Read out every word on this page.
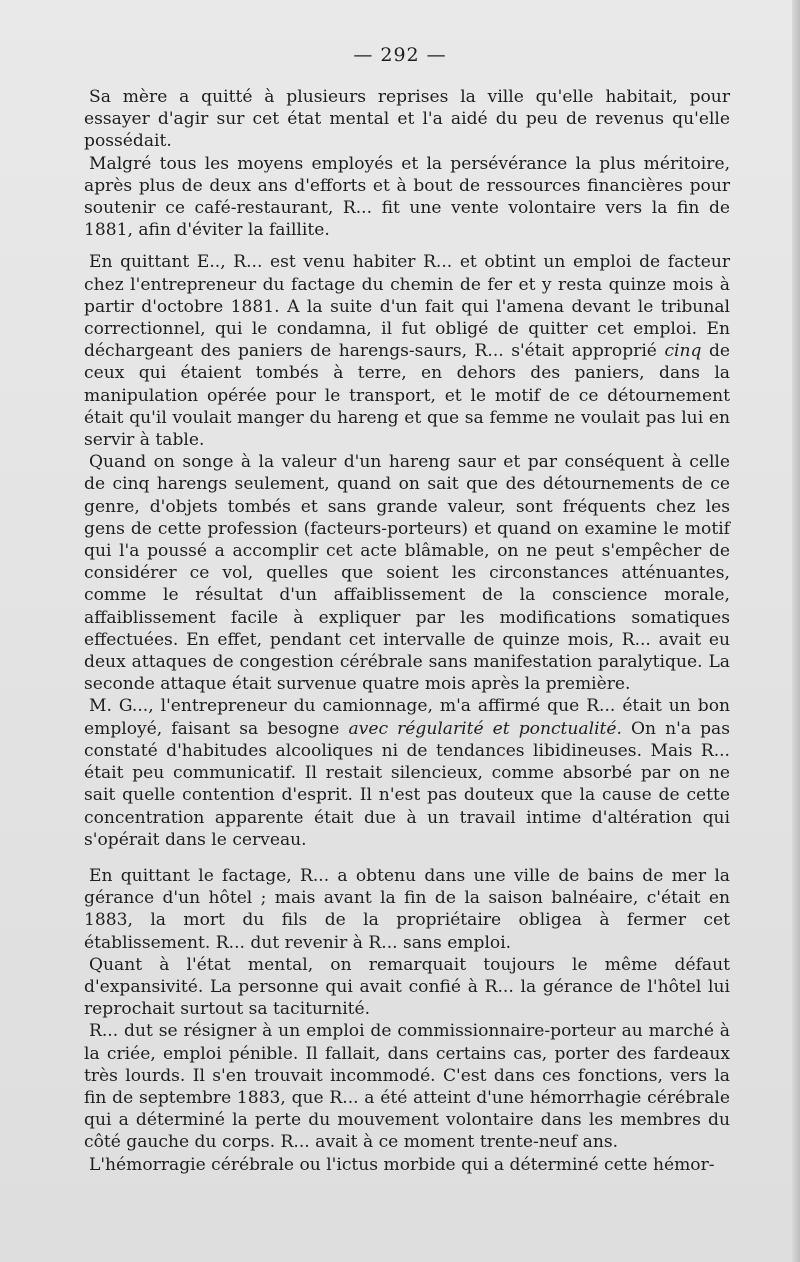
— 292 —

Sa mère a quitté à plusieurs reprises la ville qu'elle habitait, pour essayer d'agir sur cet état mental et l'a aidé du peu de revenus qu'elle possédait.

Malgré tous les moyens employés et la persévérance la plus méritoire, après plus de deux ans d'efforts et à bout de ressources financières pour soutenir ce café-restaurant, R... fit une vente volontaire vers la fin de 1881, afin d'éviter la faillite.

En quittant E.., R... est venu habiter R... et obtint un emploi de facteur chez l'entrepreneur du factage du chemin de fer et y resta quinze mois à partir d'octobre 1881. A la suite d'un fait qui l'amena devant le tribunal correctionnel, qui le condamna, il fut obligé de quitter cet emploi. En déchargeant des paniers de harengs-saurs, R... s'était approprié cinq de ceux qui étaient tombés à terre, en dehors des paniers, dans la manipulation opérée pour le transport, et le motif de ce détournement était qu'il voulait manger du hareng et que sa femme ne voulait pas lui en servir à table.

Quand on songe à la valeur d'un hareng saur et par conséquent à celle de cinq harengs seulement, quand on sait que des détournements de ce genre, d'objets tombés et sans grande valeur, sont fréquents chez les gens de cette profession (facteurs-porteurs) et quand on examine le motif qui l'a poussé a accomplir cet acte blâmable, on ne peut s'empêcher de considérer ce vol, quelles que soient les circonstances atténuantes, comme le résultat d'un affaiblissement de la conscience morale, affaiblissement facile à expliquer par les modifications somatiques effectuées. En effet, pendant cet intervalle de quinze mois, R... avait eu deux attaques de congestion cérébrale sans manifestation paralytique. La seconde attaque était survenue quatre mois après la première.

M. G..., l'entrepreneur du camionnage, m'a affirmé que R... était un bon employé, faisant sa besogne avec régularité et ponctualité. On n'a pas constaté d'habitudes alcooliques ni de tendances libidineuses. Mais R... était peu communicatif. Il restait silencieux, comme absorbé par on ne sait quelle contention d'esprit. Il n'est pas douteux que la cause de cette concentration apparente était due à un travail intime d'altération qui s'opérait dans le cerveau.

En quittant le factage, R... a obtenu dans une ville de bains de mer la gérance d'un hôtel ; mais avant la fin de la saison balnéaire, c'était en 1883, la mort du fils de la propriétaire obligea à fermer cet établissement. R... dut revenir à R... sans emploi.

Quant à l'état mental, on remarquait toujours le même défaut d'expansivité. La personne qui avait confié à R... la gérance de l'hôtel lui reprochait surtout sa taciturnité.

R... dut se résigner à un emploi de commissionnaire-porteur au marché à la criée, emploi pénible. Il fallait, dans certains cas, porter des fardeaux très lourds. Il s'en trouvait incommodé. C'est dans ces fonctions, vers la fin de septembre 1883, que R... a été atteint d'une hémorrhagie cérébrale qui a déterminé la perte du mouvement volontaire dans les membres du côté gauche du corps. R... avait à ce moment trente-neuf ans.

L'hémorragie cérébrale ou l'ictus morbide qui a déterminé cette hémor-
